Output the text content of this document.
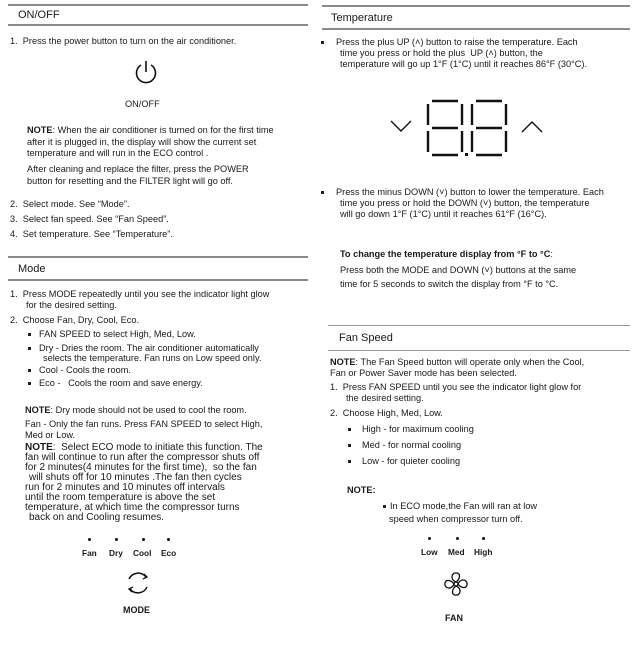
ON/OFF
1.  Press the power button to turn on the air conditioner.
ON/OFF
NOTE: When the air conditioner is turned on for the first time
after it is plugged in, the display will show the current set
temperature and will run in the ECO control .
After cleaning and replace the filter, press the POWER
button for resetting and the FILTER light will go off.
2.  Select mode. See “Mode”.
3.  Select fan speed. See “Fan Speed”.
4.  Set temperature. See “Temperature”.
Mode
1.  Press MODE repeatedly until you see the indicator light glow
for the desired setting.
2.  Choose Fan, Dry, Cool, Eco.
FAN SPEED to select High, Med, Low.
Dry - Dries the room. The air conditioner automatically
selects the temperature. Fan runs on Low speed only.
Cool - Cools the room.
Eco -   Cools the room and save energy.
NOTE: Dry mode should not be used to cool the room.
Fan - Only the fan runs. Press FAN SPEED to select High,
Med or Low.
NOTE:  Select ECO mode to initiate this function. The
fan will continue to run after the compressor shuts off
for 2 minutes(4 minutes for the first time),  so the fan
will shuts off for 10 minutes .The fan then cycles
run for 2 minutes and 10 minutes off intervals
until the room temperature is above the set
temperature, at which time the compressor turns
back on and Cooling resumes.
Fan Dry Cool Eco
MODE
Temperature
Press the plus UP (˄) button to raise the temperature. Each
time you press or hold the plus  UP (˄) button, the
temperature will go up 1°F (1°C) until it reaches 86°F (30°C).
Press the minus DOWN (˅) button to lower the temperature. Each
time you press or hold the DOWN (˅) button, the temperature
will go down 1°F (1°C) until it reaches 61°F (16°C).
To change the temperature display from °F to °C:
Press both the MODE and DOWN (˅) buttons at the same
time for 5 seconds to switch the display from °F to °C.
Fan Speed
NOTE: The Fan Speed button will operate only when the Cool,
Fan or Power Saver mode has been selected.
1.  Press FAN SPEED until you see the indicator light glow for
the desired setting.
2.  Choose High, Med, Low.
High - for maximum cooling
Med - for normal cooling
Low - for quieter cooling
NOTE:
In ECO mode,the Fan will ran at low
speed when compressor turn off.
Low Med High
FAN
